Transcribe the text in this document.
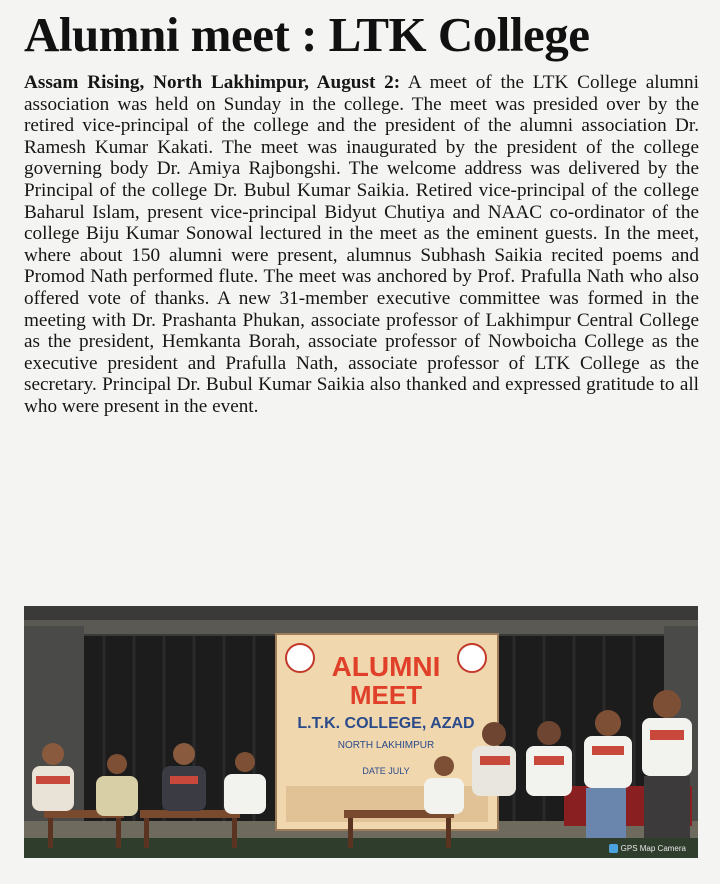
Alumni meet : LTK College
Assam Rising, North Lakhimpur, August 2: A meet of the LTK College alumni association was held on Sunday in the college. The meet was presided over by the retired vice-principal of the college and the president of the alumni association Dr. Ramesh Kumar Kakati. The meet was inaugurated by the president of the college governing body Dr. Amiya Rajbongshi. The welcome address was delivered by the Principal of the college Dr. Bubul Kumar Saikia. Retired vice-principal of the college Baharul Islam, present vice-principal Bidyut Chutiya and NAAC co-ordinator of the college Biju Kumar Sonowal lectured in the meet as the eminent guests. In the meet, where about 150 alumni were present, alumnus Subhash Saikia recited poems and Promod Nath performed flute. The meet was anchored by Prof. Prafulla Nath who also offered vote of thanks. A new 31-member executive committee was formed in the meeting with Dr. Prashanta Phukan, associate professor of Lakhimpur Central College as the president, Hemkanta Borah, associate professor of Nowboicha College as the executive president and Prafulla Nath, associate professor of LTK College as the secretary. Principal Dr. Bubul Kumar Saikia also thanked and expressed gratitude to all who were present in the event.
ALUMNI
MEET
L.T.K. COLLEGE, AZAD
NORTH LAKHIMPUR
DATE JULY
GPS Map Camera
